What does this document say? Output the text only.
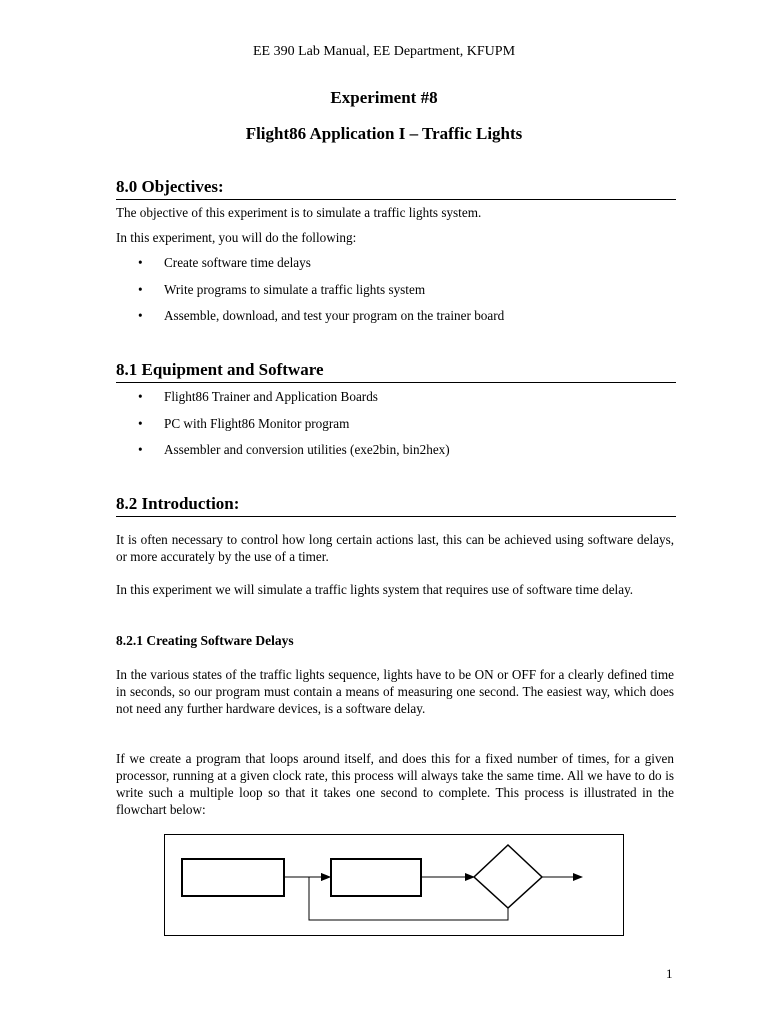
EE 390 Lab Manual, EE Department, KFUPM
Experiment #8
Flight86 Application I – Traffic Lights
8.0 Objectives:
The objective of this experiment is to simulate a traffic lights system.
In this experiment, you will do the following:
• Create software time delays
• Write programs to simulate a traffic lights system
• Assemble, download, and test your program on the trainer board
8.1 Equipment and Software
• Flight86 Trainer and Application Boards
• PC with Flight86 Monitor program
• Assembler and conversion utilities (exe2bin, bin2hex)
8.2 Introduction:
It is often necessary to control how long certain actions last, this can be achieved using software delays, or more accurately by the use of a timer.
In this experiment we will simulate a traffic lights system that requires use of software time delay.
8.2.1 Creating Software Delays
In the various states of the traffic lights sequence, lights have to be ON or OFF for a clearly defined time in seconds, so our program must contain a means of measuring one second. The easiest way, which does not need any further hardware devices, is a software delay.
If we create a program that loops around itself, and does this for a fixed number of times, for a given processor, running at a given clock rate, this process will always take the same time. All we have to do is write such a multiple loop so that it takes one second to complete. This process is illustrated in the flowchart below:
1
